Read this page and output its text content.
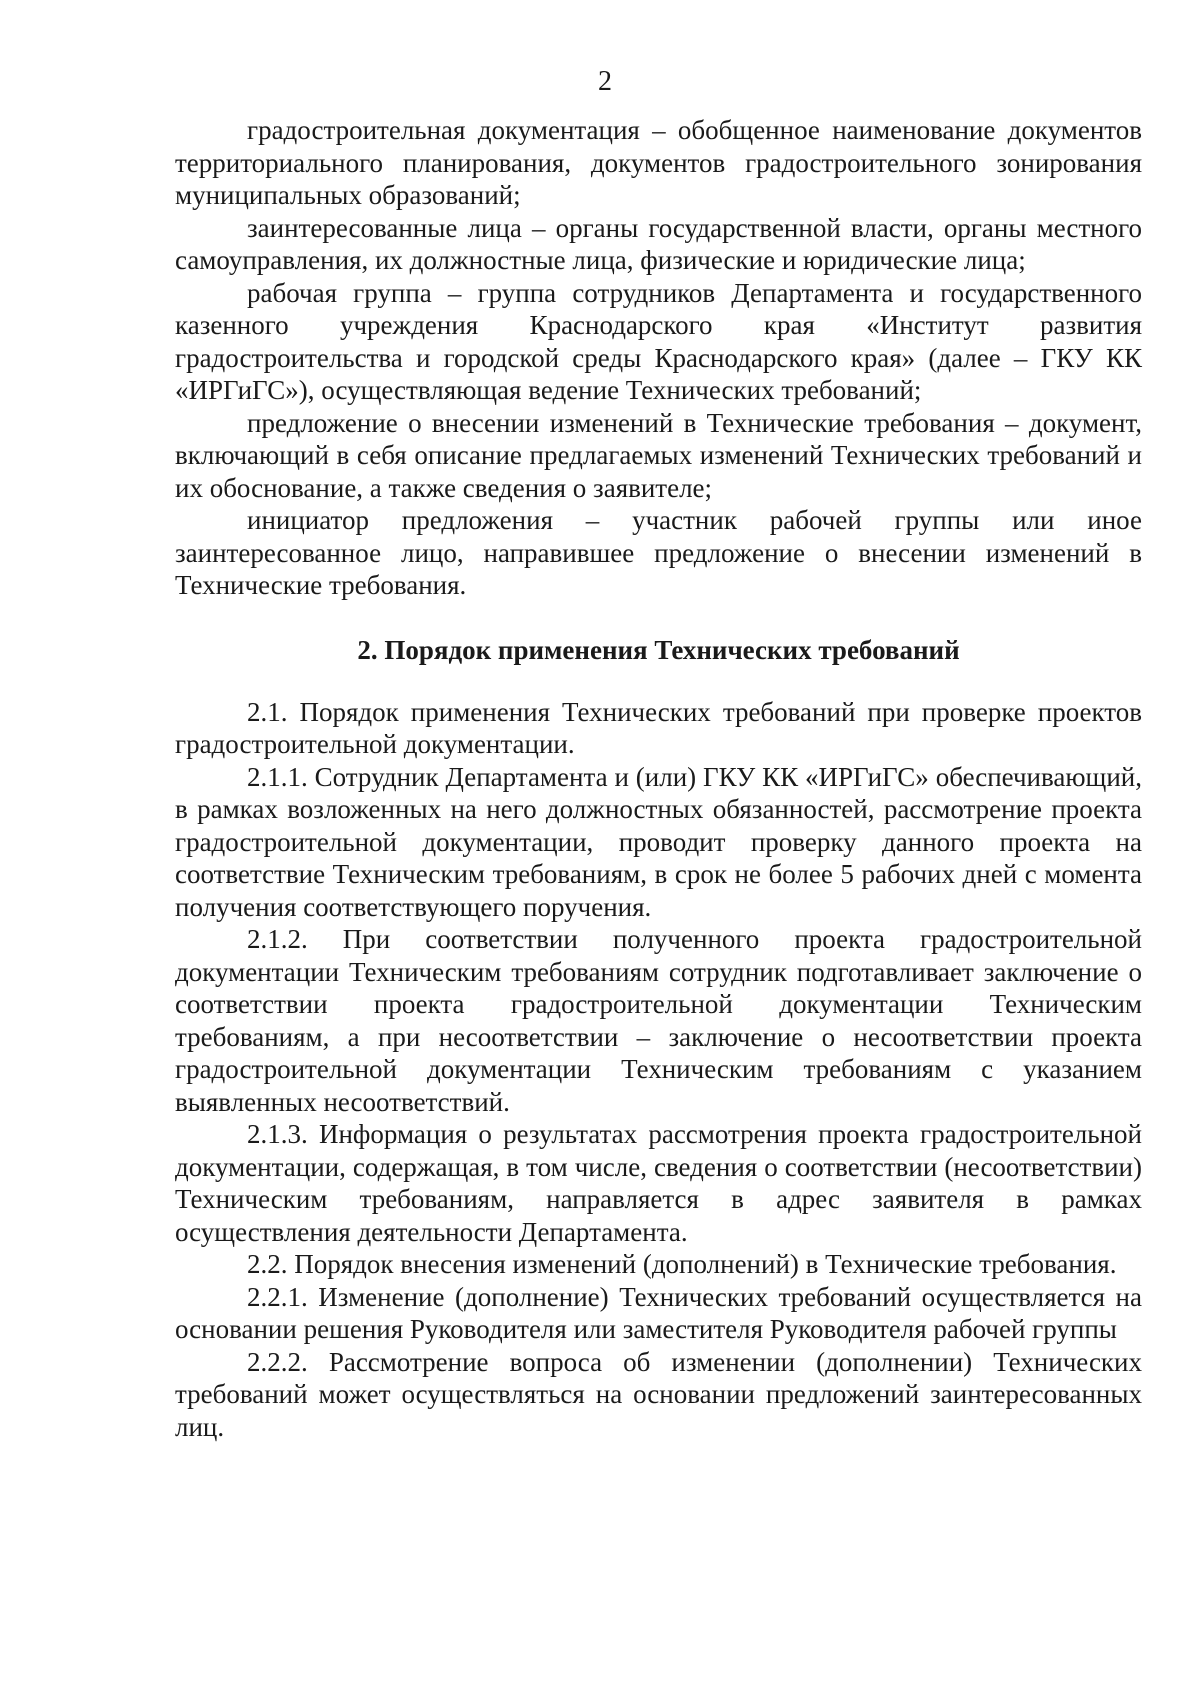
2

градостроительная документация – обобщенное наименование документов территориального планирования, документов градостроительного зонирования муниципальных образований;

заинтересованные лица – органы государственной власти, органы местного самоуправления, их должностные лица, физические и юридические лица;

рабочая группа – группа сотрудников Департамента и государственного казенного учреждения Краснодарского края «Институт развития градостроительства и городской среды Краснодарского края» (далее – ГКУ КК «ИРГиГС»), осуществляющая ведение Технических требований;

предложение о внесении изменений в Технические требования – документ, включающий в себя описание предлагаемых изменений Технических требований и их обоснование, а также сведения о заявителе;

инициатор предложения – участник рабочей группы или иное заинтересованное лицо, направившее предложение о внесении изменений в Технические требования.

2. Порядок применения Технических требований

2.1. Порядок применения Технических требований при проверке проектов градостроительной документации.

2.1.1. Сотрудник Департамента и (или) ГКУ КК «ИРГиГС» обеспечивающий, в рамках возложенных на него должностных обязанностей, рассмотрение проекта градостроительной документации, проводит проверку данного проекта на соответствие Техническим требованиям, в срок не более 5 рабочих дней с момента получения соответствующего поручения.

2.1.2. При соответствии полученного проекта градостроительной документации Техническим требованиям сотрудник подготавливает заключение о соответствии проекта градостроительной документации Техническим требованиям, а при несоответствии – заключение о несоответствии проекта градостроительной документации Техническим требованиям с указанием выявленных несоответствий.

2.1.3. Информация о результатах рассмотрения проекта градостроительной документации, содержащая, в том числе, сведения о соответствии (несоответствии) Техническим требованиям, направляется в адрес заявителя в рамках осуществления деятельности Департамента.

2.2. Порядок внесения изменений (дополнений) в Технические требования.

2.2.1. Изменение (дополнение) Технических требований осуществляется на основании решения Руководителя или заместителя Руководителя рабочей группы

2.2.2. Рассмотрение вопроса об изменении (дополнении) Технических требований может осуществляться на основании предложений заинтересованных лиц.
